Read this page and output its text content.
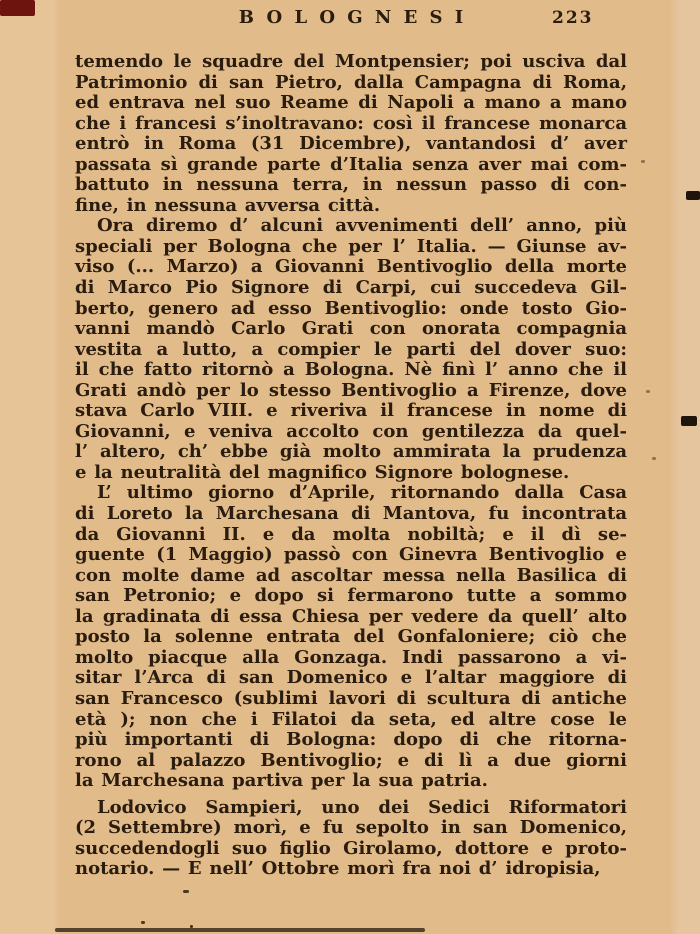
BOLOGNESI	223
temendo le squadre del Montpensier; poi usciva dal
Patrimonio di san Pietro, dalla Campagna di Roma,
ed entrava nel suo Reame di Napoli a mano a mano
che i francesi s’inoltravano: così il francese monarca
entrò in Roma (31 Dicembre), vantandosi d’ aver
passata sì grande parte d’Italia senza aver mai com-
battuto in nessuna terra, in nessun passo di con-
fine, in nessuna avversa città.
Ora diremo d’ alcuni avvenimenti dell’ anno, più
speciali per Bologna che per l’ Italia. — Giunse av-
viso (... Marzo) a Giovanni Bentivoglio della morte
di Marco Pio Signore di Carpi, cui succedeva Gil-
berto, genero ad esso Bentivoglio: onde tosto Gio-
vanni mandò Carlo Grati con onorata compagnia
vestita a lutto, a compier le parti del dover suo:
il che fatto ritornò a Bologna. Nè finì l’ anno che il
Grati andò per lo stesso Bentivoglio a Firenze, dove
stava Carlo VIII. e riveriva il francese in nome di
Giovanni, e veniva accolto con gentilezza da quel-
l’ altero, ch’ ebbe già molto ammirata la prudenza
e la neutralità del magnifico Signore bolognese.
L’ ultimo giorno d’Aprile, ritornando dalla Casa
di Loreto la Marchesana di Mantova, fu incontrata
da Giovanni II. e da molta nobiltà; e il dì se-
guente (1 Maggio) passò con Ginevra Bentivoglio e
con molte dame ad ascoltar messa nella Basilica di
san Petronio; e dopo si fermarono tutte a sommo
la gradinata di essa Chiesa per vedere da quell’ alto
posto la solenne entrata del Gonfaloniere; ciò che
molto piacque alla Gonzaga. Indi passarono a vi-
sitar l’Arca di san Domenico e l’altar maggiore di
san Francesco (sublimi lavori di scultura di antiche
età ); non che i Filatoi da seta, ed altre cose le
più importanti di Bologna: dopo di che ritorna-
rono al palazzo Bentivoglio; e di lì a due giorni
la Marchesana partiva per la sua patria.
Lodovico Sampieri, uno dei Sedici Riformatori
(2 Settembre) morì, e fu sepolto in san Domenico,
succedendogli suo figlio Girolamo, dottore e proto-
notario. — E nell’ Ottobre morì fra noi d’ idropisia,
